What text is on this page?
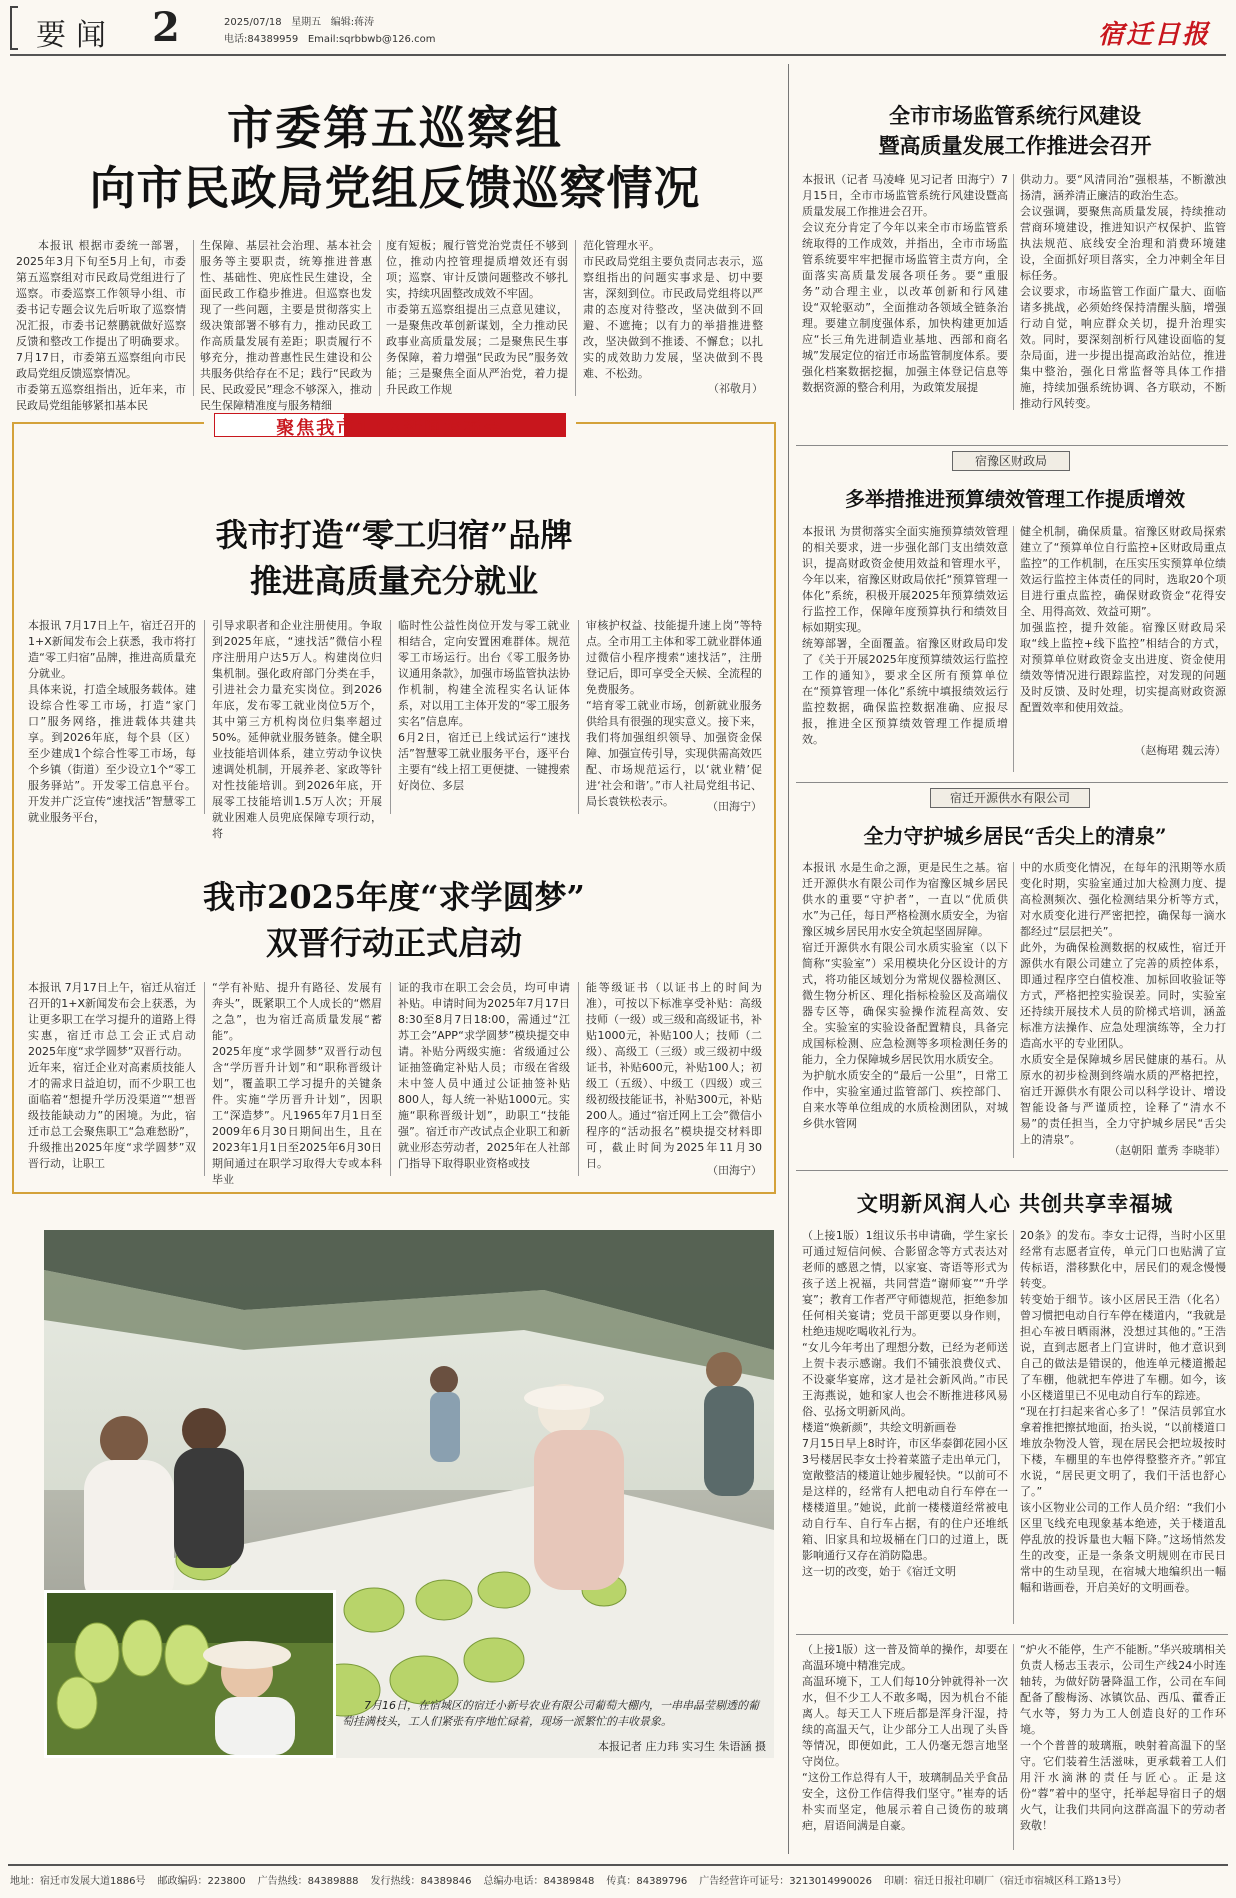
要闻 2	2025/07/18 星期五 编辑:蒋涛
电话:84389959 Email:sqrbbwb@126.com	宿迁日报
市委第五巡察组
向市民政局党组反馈巡察情况
本报讯 根据市委统一部署，2025年3月下旬至5月上旬，市委第五巡察组对市民政局党组进行了巡察。市委巡察工作领导小组、市委书记专题会议先后听取了巡察情况汇报，市委书记蔡鹏就做好巡察反馈和整改工作提出了明确要求。7月17日，市委第五巡察组向市民政局党组反馈巡察情况。
市委第五巡察组指出，近年来，市民政局党组能够紧扣基本民
生保障、基层社会治理、基本社会服务等主要职责，统筹推进普惠性、基础性、兜底性民生建设，全面民政工作稳步推进。但巡察也发现了一些问题，主要是贯彻落实上级决策部署不够有力，推动民政工作高质量发展有差距；职责履行不够充分，推动普惠性民生建设和公共服务供给存在不足；践行“民政为民、民政爱民”理念不够深入，推动民生保障精准度与服务精细
度有短板；履行管党治党责任不够到位，推动内控管理提质增效还有弱项；巡察、审计反馈问题整改不够扎实，持续巩固整改成效不牢固。
市委第五巡察组提出三点意见建议，一是聚焦改革创新谋划，全力推动民政事业高质量发展；二是聚焦民生事务保障，着力增强“民政为民”服务效能；三是聚焦全面从严治党，着力提升民政工作规
范化管理水平。
市民政局党组主要负责同志表示，巡察组指出的问题实事求是、切中要害，深刻到位。市民政局党组将以严肃的态度对待整改，坚决做到不回避、不遮掩；以有力的举措推进整改，坚决做到不推诿、不懈怠；以扎实的成效助力发展，坚决做到不畏难、不松劲。
（祁敬月）
全市市场监管系统行风建设
暨高质量发展工作推进会召开
本报讯（记者 马凌峰 见习记者 田海宁）7月15日，全市市场监管系统行风建设暨高质量发展工作推进会召开。
会议充分肯定了今年以来全市市场监管系统取得的工作成效，并指出，全市市场监管系统要牢牢把握市场监管主责方向，全面落实高质量发展各项任务。要“重服务”动合理主业，以改革创新和行风建设“双轮驱动”，全面推动各领域全链条治理。要建立制度强体系，加快构建更加适应“长三角先进制造业基地、西部和商名城”发展定位的宿迁市场监管制度体系。要强化档案数据挖掘，加强主体登记信息等数据资源的整合利用，为政策发展提
供动力。要“风清同治”强根基，不断激浊扬清，涵养清正廉洁的政治生态。
会议强调，要聚焦高质量发展，持续推动营商环境建设，推进知识产权保护、监管执法规范、底线安全治理和消费环境建设，全面抓好项目落实，全力冲刺全年目标任务。
会议要求，市场监管工作面广量大、面临诸多挑战，必须始终保持清醒头脑，增强行动自觉，响应群众关切，提升治理实效。同时，要深刻剖析行风建设面临的复杂局面，进一步提出提高政治站位，推进集中整治，强化日常监督等具体工作措施，持续加强系统协调、各方联动，不断推动行风转变。
宿豫区财政局
多举措推进预算绩效管理工作提质增效
本报讯 为贯彻落实全面实施预算绩效管理的相关要求，进一步强化部门支出绩效意识，提高财政资金使用效益和管理水平，今年以来，宿豫区财政局依托“预算管理一体化”系统，积极开展2025年预算绩效运行监控工作，保障年度预算执行和绩效目标如期实现。
统筹部署，全面覆盖。宿豫区财政局印发了《关于开展2025年度预算绩效运行监控工作的通知》，要求全区所有预算单位在“预算管理一体化”系统中填报绩效运行监控数据，确保监控数据准确、应报尽报，推进全区预算绩效管理工作提质增效。
健全机制，确保质量。宿豫区财政局探索建立了“预算单位自行监控+区财政局重点监控”的工作机制，在压实压实预算单位绩效运行监控主体责任的同时，选取20个项目进行重点监控，确保财政资金“花得安全、用得高效、效益可期”。
加强监控，提升效能。宿豫区财政局采取“线上监控+线下监控”相结合的方式，对预算单位财政资金支出进度、资金使用绩效等情况进行跟踪监控，对发现的问题及时反馈、及时处理，切实提高财政资源配置效率和使用效益。
（赵梅珺 魏云涛）
宿迁开源供水有限公司
全力守护城乡居民“舌尖上的清泉”
本报讯 水是生命之源，更是民生之基。宿迁开源供水有限公司作为宿豫区城乡居民供水的重要“守护者”，一直以“优质供水”为己任，每日严格检测水质安全，为宿豫区城乡居民用水安全筑起坚固屏障。
宿迁开源供水有限公司水质实验室（以下简称“实验室”）采用模块化分区设计的方式，将功能区域划分为常规仪器检测区、微生物分析区、理化指标检验区及高端仪器专区等，确保实验操作流程高效、安全。实验室的实验设备配置精良，具备完成国标检测、应急检测等多项检测任务的能力，全力保障城乡居民饮用水质安全。
为护航水质安全的“最后一公里”，日常工作中，实验室通过监管部门、疾控部门、自来水等单位组成的水质检测团队，对城乡供水管网
中的水质变化情况，在每年的汛期等水质变化时期，实验室通过加大检测力度、提高检测频次、强化检测结果分析等方式，对水质变化进行严密把控，确保每一滴水都经过“层层把关”。
此外，为确保检测数据的权威性，宿迁开源供水有限公司建立了完善的质控体系，即通过程序空白值校准、加标回收验证等方式，严格把控实验误差。同时，实验室还持续开展技术人员的阶梯式培训，涵盖标准方法操作、应急处理演练等，全力打造高水平的专业团队。
水质安全是保障城乡居民健康的基石。从原水的初步检测到终端水质的严格把控，宿迁开源供水有限公司以科学设计、增设智能设备与严谨质控，诠释了“清水不易”的责任担当，全力守护城乡居民“舌尖上的清泉”。
（赵朝阳 董秀 李晓菲）
聚焦我市1+X新闻发布会
我市打造“零工归宿”品牌
推进高质量充分就业
本报讯 7月17日上午，宿迁召开的1+X新闻发布会上获悉，我市将打造“零工归宿”品牌，推进高质量充分就业。
具体来说，打造全域服务载体。建设综合性零工市场，打造“家门口”服务网络，推进载体共建共享。到2026年底，每个县（区）至少建成1个综合性零工市场，每个乡镇（街道）至少设立1个“零工服务驿站”。开发零工信息平台。开发并广泛宣传“速找活”智慧零工就业服务平台，
引导求职者和企业注册使用。争取到2025年底，“速找活”微信小程序注册用户达5万人。构建岗位归集机制。强化政府部门分类在手，引进社会力量充实岗位。到2026年底，发布零工就业岗位5万个，其中第三方机构岗位归集率超过50%。延伸就业服务链条。健全职业技能培训体系，建立劳动争议快速调处机制，开展养老、家政等针对性技能培训。到2026年底，开展零工技能培训1.5万人次；开展就业困难人员兜底保障专项行动，将
临时性公益性岗位开发与零工就业相结合，定向安置困难群体。规范零工市场运行。出台《零工服务协议通用条款》，加强市场监管执法协作机制，构建全流程实名认证体系，对以用工主体开发的“零工服务实名”信息库。
6月2日，宿迁已上线试运行“速找活”智慧零工就业服务平台，逐平台主要有“线上招工更便捷、一键搜索好岗位、多层
审核护权益、技能提升速上岗”等特点。全市用工主体和零工就业群体通过微信小程序搜索“速找活”，注册登记后，即可享受全天候、全流程的免费服务。
“培育零工就业市场，创新就业服务供给具有很强的现实意义。接下来，我们将加强组织领导、加强资金保障、加强宣传引导，实现供需高效匹配、市场规范运行，以‘就业精’促进‘社会和谐’。”市人社局党组书记、局长袁铁松表示。	（田海宁）
我市2025年度“求学圆梦”
双晋行动正式启动
本报讯 7月17日上午，宿迁从宿迁召开的1+X新闻发布会上获悉，为让更多职工在学习提升的道路上得实惠，宿迁市总工会正式启动2025年度“求学圆梦”双晋行动。
近年来，宿迁企业对高素质技能人才的需求日益迫切，而不少职工也面临着“想提升学历没渠道”“想晋级技能缺动力”的困境。为此，宿迁市总工会聚焦职工“急难愁盼”，升级推出2025年度“求学圆梦”双晋行动，让职工
“学有补贴、提升有路径、发展有奔头”，既紧职工个人成长的“燃眉之急”，也为宿迁高质量发展“蓄能”。
2025年度“求学圆梦”双晋行动包含“学历晋升计划”和“职称晋级计划”，覆盖职工学习提升的关键条件。实施“学历晋升计划”，因职工“深造梦”。凡1965年7月1日至2009年6月30日期间出生，且在2023年1月1日至2025年6月30日期间通过在职学习取得大专或本科毕业
证的我市在职工会会员，均可申请补贴。申请时间为2025年7月17日8:30至8月7日18:00，需通过“江苏工会”APP“求学圆梦”模块提交申请。补贴分两级实施：省级通过公证抽签确定补贴人员；市级在省级未中签人员中通过公证抽签补贴800人，每人统一补贴1000元。实施“职称晋级计划”，助职工“技能强”。宿迁市产改试点企业职工和新就业形态劳动者，2025年在人社部门指导下取得职业资格或技
能等级证书（以证书上的时间为准），可按以下标准享受补贴：高级技师（一级）或三级和高级证书，补贴1000元，补贴100人；技师（二级）、高级工（三级）或三级初中级证书，补贴600元，补贴100人；初级工（五级）、中级工（四级）或三级初级技能证书，补贴300元，补贴200人。通过“宿迁网上工会”微信小程序的“活动报名”模块提交材料即可，截止时间为2025年11月30日。
（田海宁）
7月16日，在宿城区的宿迁小新号农业有限公司葡萄大棚内，一串串晶莹剔透的葡萄挂满枝头，工人们紧张有序地忙碌着，现场一派繁忙的丰收景象。
本报记者 庄力玮 实习生 朱语涵 摄
文明新风润人心 共创共享幸福城
（上接1版）1组议乐书申请确，学生家长可通过短信问候、合影留念等方式表达对老师的感恩之情，以家宴、寄语等形式为孩子送上祝福，共同营造“谢师宴”“升学宴”；教育工作者严守师德规范，拒绝参加任何相关宴请；党员干部更要以身作则，杜绝违规吃喝收礼行为。
“女儿今年考出了理想分数，已经为老师送上贺卡表示感谢。我们不铺张浪费仪式、不设豪华宴席，这才是社会新风尚。”市民王海燕说，她和家人也会不断推进移风易俗、弘扬文明新风尚。
楼道“焕新颜”，共绘文明新画卷
7月15日早上8时许，市区华泰御花园小区3号楼居民李女士拎着菜篮子走出单元门，宽敞整洁的楼道让她步履轻快。“以前可不是这样的，经常有人把电动自行车停在一楼楼道里。”她说，此前一楼楼道经常被电动自行车、自行车占据，有的住户还堆纸箱、旧家具和垃圾桶在门口的过道上，既影响通行又存在消防隐患。
这一切的改变，始于《宿迁文明
20条》的发布。李女士记得，当时小区里经常有志愿者宣传，单元门口也贴满了宣传标语，潜移默化中，居民们的观念慢慢转变。
转变始于细节。该小区居民王浩（化名）曾习惯把电动自行车停在楼道内，“我就是担心车被日晒雨淋，没想过其他的。”王浩说，直到志愿者上门宣讲时，他才意识到自己的做法是错误的，他连单元楼道搬起了车棚，他就把车停进了车棚。如今，该小区楼道里已不见电动自行车的踪迹。
“现在打扫起来省心多了！”保洁员郭宜水拿着推把擦拭地面，抬头说，“以前楼道口堆放杂物没人管，现在居民会把垃圾按时下楼，车棚里的车也停得整整齐齐。”郭宜水说，“居民更文明了，我们干活也舒心了。”
该小区物业公司的工作人员介绍：“我们小区里飞线充电现象基本绝迹，关于楼道乱停乱放的投诉量也大幅下降。”这场悄然发生的改变，正是一条条文明规则在市民日常中的生动呈现，在宿城大地编织出一幅幅和谐画卷，开启美好的文明画卷。
（上接1版）这一普及简单的操作，却要在高温环境中精准完成。
高温环境下，工人们每10分钟就得补一次水，但不少工人不敢多喝，因为机台不能离人。每天工人下班后都是浑身汗湿，持续的高温天气，让少部分工人出现了头昏等情况，即便如此，工人仍毫无怨言地坚守岗位。
“这份工作总得有人干，玻璃制品关乎食品安全，这份工作信得我们坚守。”崔寿的话朴实而坚定，他展示着自己烫伤的玻璃疤，眉语间满是自豪。
“炉火不能停，生产不能断。”华兴玻璃相关负责人杨志玉表示，公司生产线24小时连轴转，为做好防暑降温工作，公司在车间配备了酸梅汤、冰镇饮品、西瓜、藿香正气水等，努力为工人创造良好的工作环境。
一个个普普的玻璃瓶，映射着高温下的坚守。它们装着生活滋味，更承载着工人们用汗水滴淋的责任与匠心。正是这份“蓉”着中的坚守，托举起导宿日子的烟火气，让我们共同向这群高温下的劳动者致敬！
地址：宿迁市发展大道1886号 邮政编码：223800 广告热线：84389888 发行热线：84389846 总编办电话：84389848 传真：84389796 广告经营许可证号：3213014990026 印刷：宿迁日报社印刷厂（宿迁市宿城区科工路13号）
